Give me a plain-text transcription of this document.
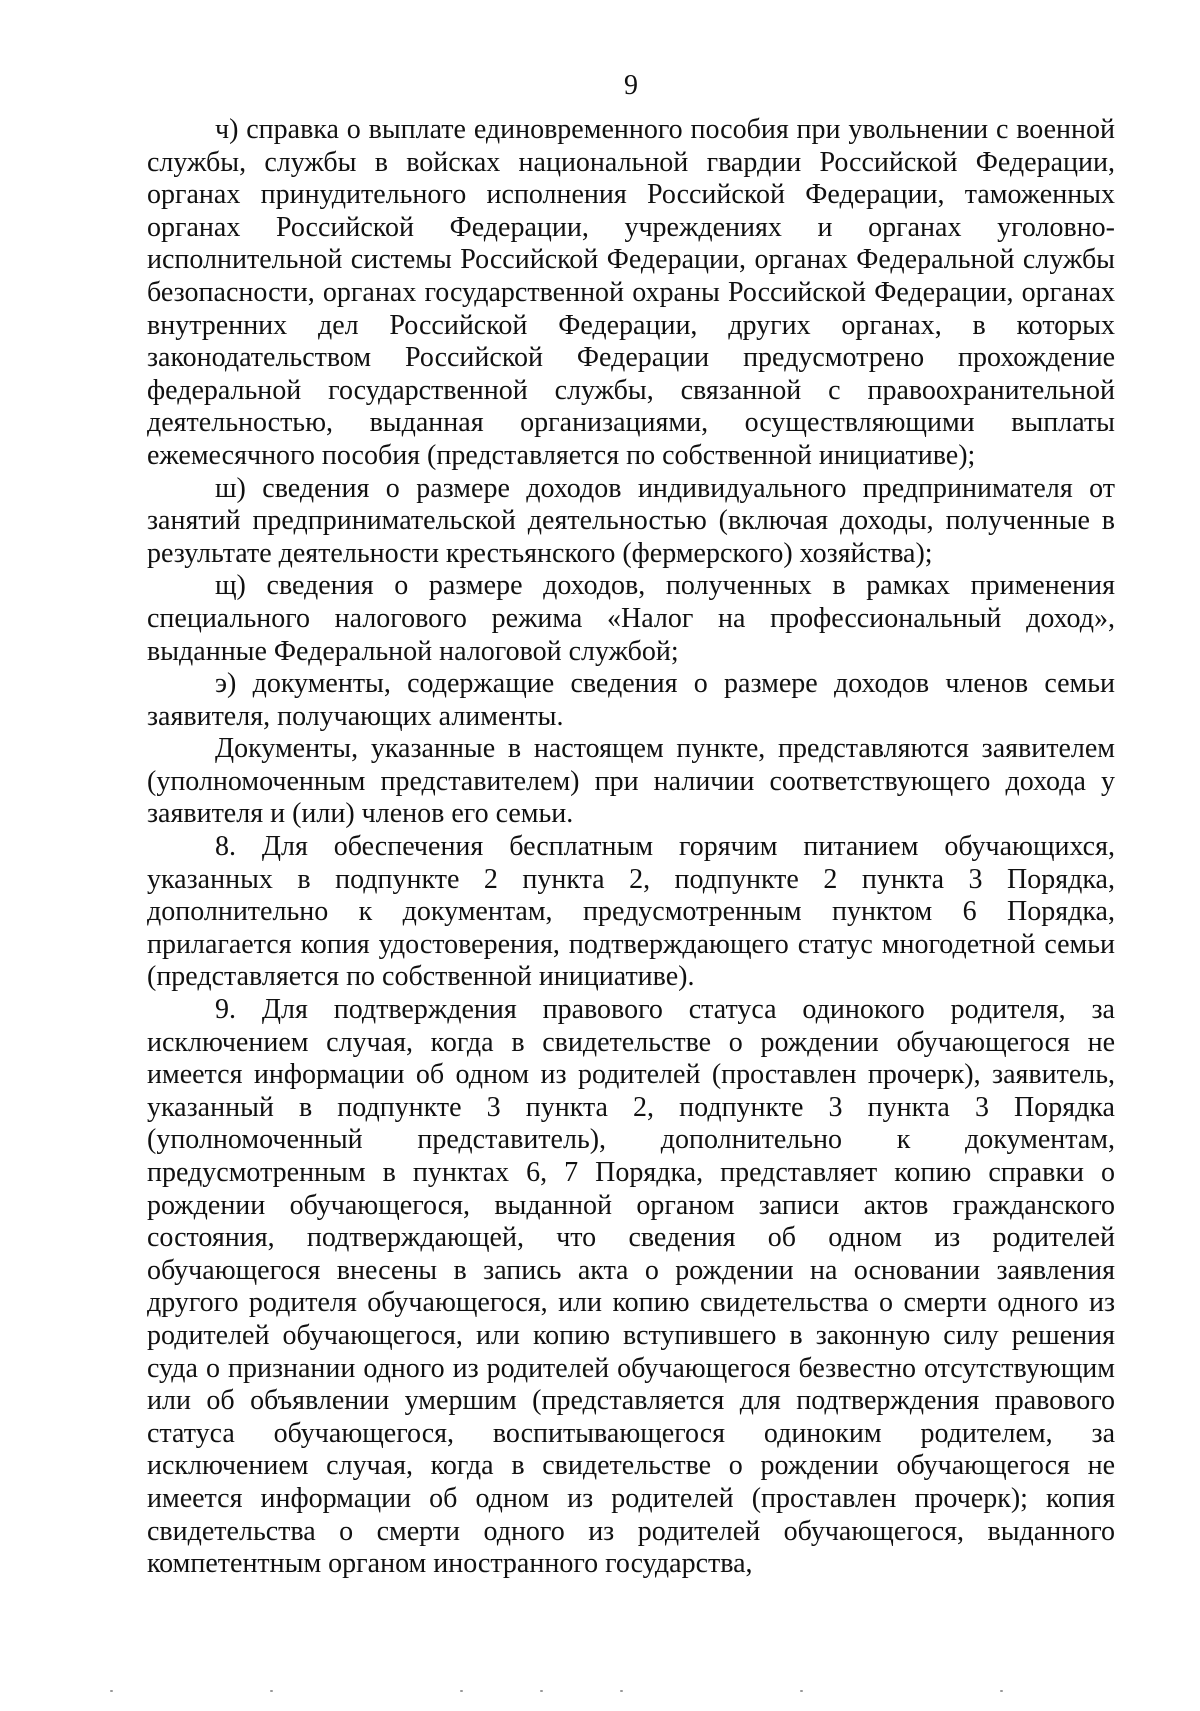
9

ч) справка о выплате единовременного пособия при увольнении с военной службы, службы в войсках национальной гвардии Российской Федерации, органах принудительного исполнения Российской Федерации, таможенных органах Российской Федерации, учреждениях и органах уголовно-исполнительной системы Российской Федерации, органах Федеральной службы безопасности, органах государственной охраны Российской Федерации, органах внутренних дел Российской Федерации, других органах, в которых законодательством Российской Федерации предусмотрено прохождение федеральной государственной службы, связанной с правоохранительной деятельностью, выданная организациями, осуществляющими выплаты ежемесячного пособия (представляется по собственной инициативе);

ш) сведения о размере доходов индивидуального предпринимателя от занятий предпринимательской деятельностью (включая доходы, полученные в результате деятельности крестьянского (фермерского) хозяйства);

щ) сведения о размере доходов, полученных в рамках применения специального налогового режима «Налог на профессиональный доход», выданные Федеральной налоговой службой;

э) документы, содержащие сведения о размере доходов членов семьи заявителя, получающих алименты.

Документы, указанные в настоящем пункте, представляются заявителем (уполномоченным представителем) при наличии соответствующего дохода у заявителя и (или) членов его семьи.

8. Для обеспечения бесплатным горячим питанием обучающихся, указанных в подпункте 2 пункта 2, подпункте 2 пункта 3 Порядка, дополнительно к документам, предусмотренным пунктом 6 Порядка, прилагается копия удостоверения, подтверждающего статус многодетной семьи (представляется по собственной инициативе).

9. Для подтверждения правового статуса одинокого родителя, за исключением случая, когда в свидетельстве о рождении обучающегося не имеется информации об одном из родителей (проставлен прочерк), заявитель, указанный в подпункте 3 пункта 2, подпункте 3 пункта 3 Порядка (уполномоченный представитель), дополнительно к документам, предусмотренным в пунктах 6, 7 Порядка, представляет копию справки о рождении обучающегося, выданной органом записи актов гражданского состояния, подтверждающей, что сведения об одном из родителей обучающегося внесены в запись акта о рождении на основании заявления другого родителя обучающегося, или копию свидетельства о смерти одного из родителей обучающегося, или копию вступившего в законную силу решения суда о признании одного из родителей обучающегося безвестно отсутствующим или об объявлении умершим (представляется для подтверждения правового статуса обучающегося, воспитывающегося одиноким родителем, за исключением случая, когда в свидетельстве о рождении обучающегося не имеется информации об одном из родителей (проставлен прочерк); копия свидетельства о смерти одного из родителей обучающегося, выданного компетентным органом иностранного государства,
